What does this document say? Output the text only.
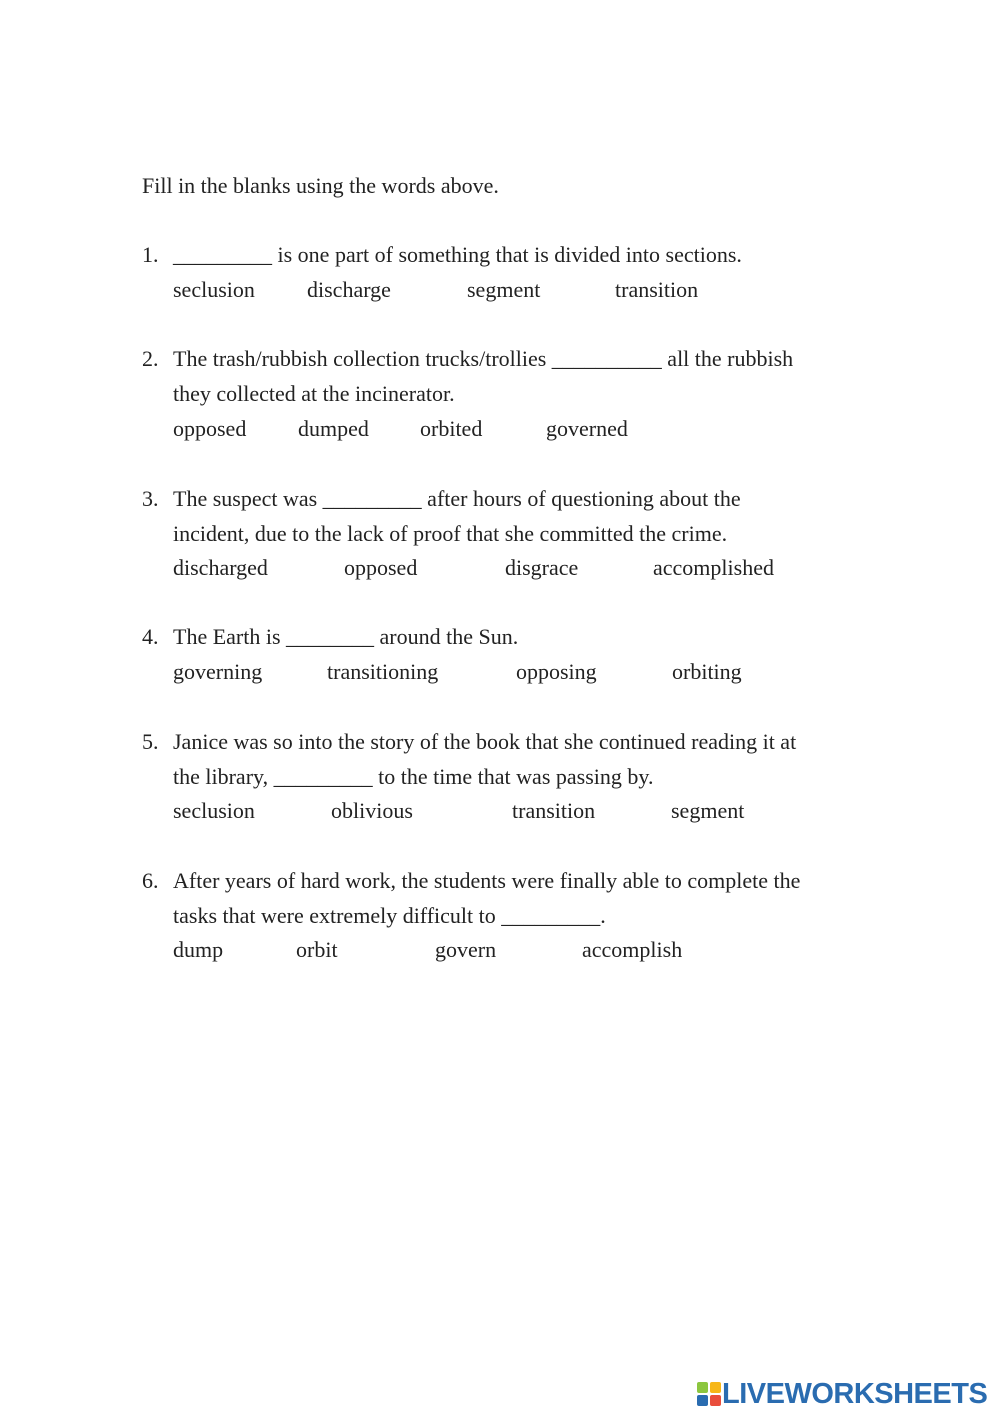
Fill in the blanks using the words above.
1. _________ is one part of something that is divided into sections.
seclusion discharge	segment	transition
2. The trash/rubbish collection trucks/trollies __________ all the rubbish
they collected at the incinerator.
opposed dumped orbited	governed
3. The suspect was _________ after hours of questioning about the
incident, due to the lack of proof that she committed the crime.
discharged	opposed	disgrace	accomplished
4. The Earth is ________ around the Sun.
governing	transitioning	opposing	orbiting
5. Janice was so into the story of the book that she continued reading it at
the library, _________ to the time that was passing by.
seclusion	oblivious	transition	segment
6. After years of hard work, the students were finally able to complete the
tasks that were extremely difficult to _________.
dump	orbit	govern	accomplish
LIVEWORKSHEETS
